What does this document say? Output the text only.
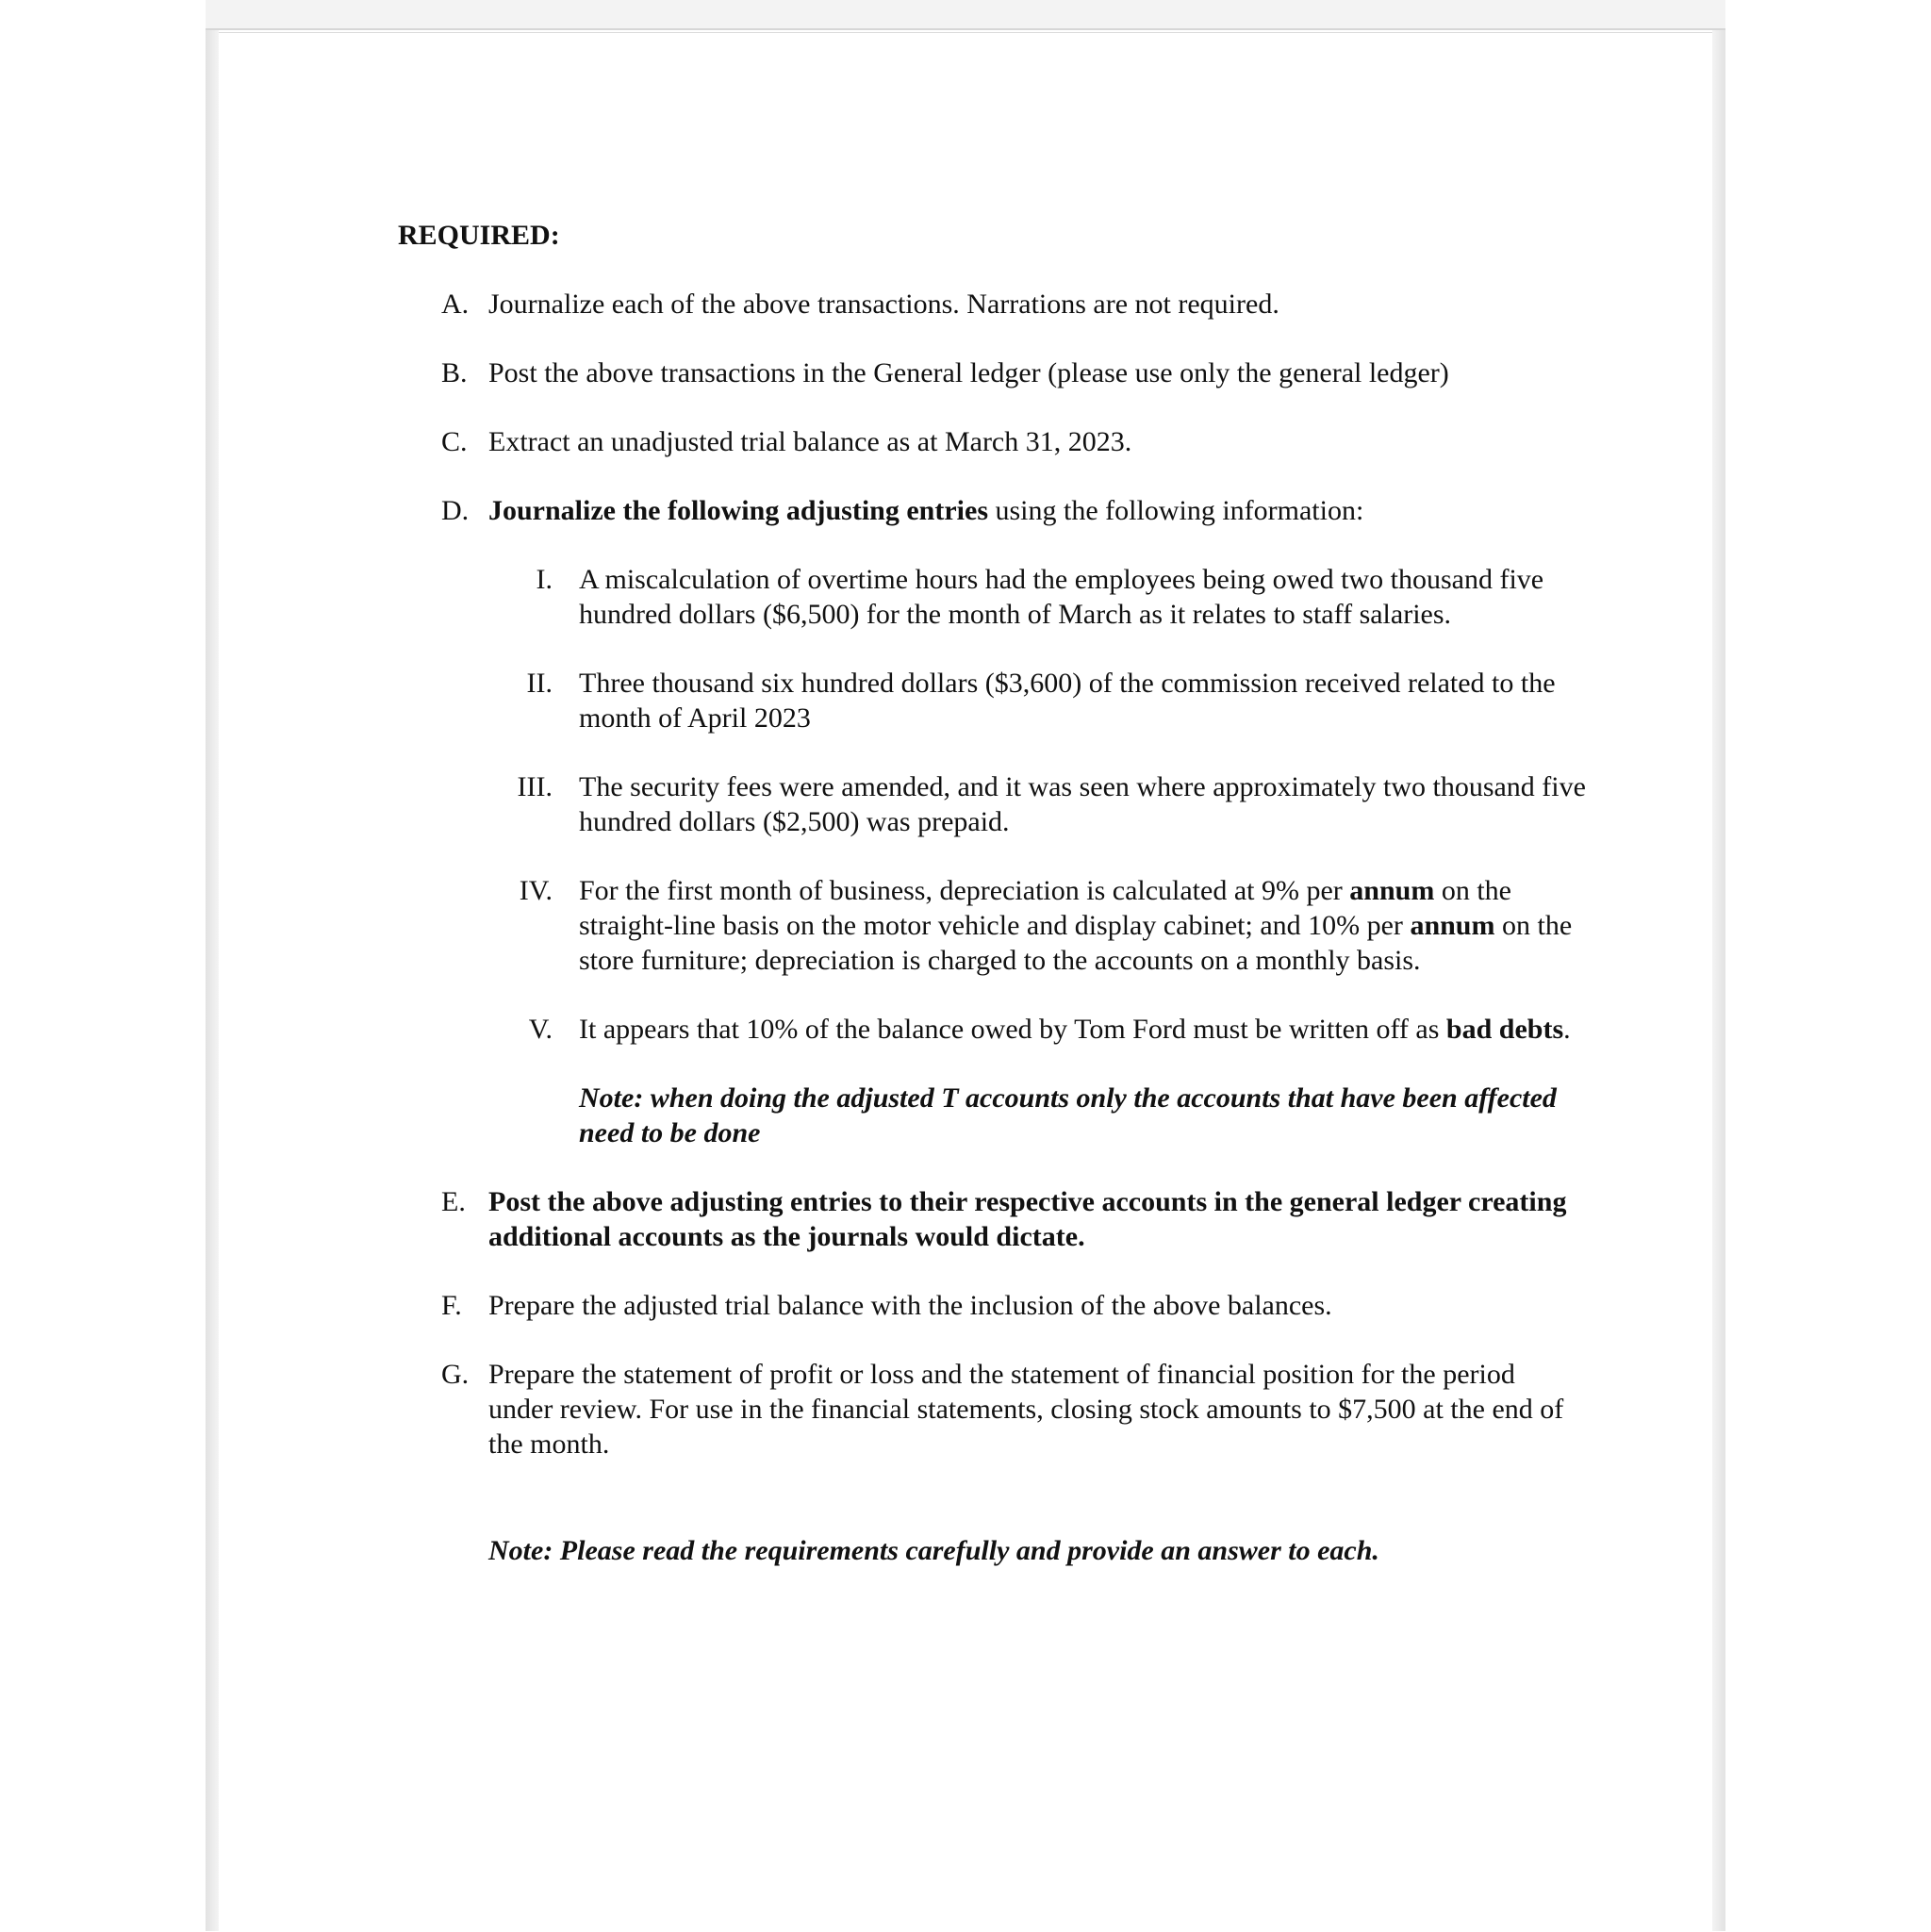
REQUIRED:
A. Journalize each of the above transactions. Narrations are not required.
B. Post the above transactions in the General ledger (please use only the general ledger)
C. Extract an unadjusted trial balance as at March 31, 2023.
D. Journalize the following adjusting entries using the following information:
I. A miscalculation of overtime hours had the employees being owed two thousand five hundred dollars ($6,500) for the month of March as it relates to staff salaries.
II. Three thousand six hundred dollars ($3,600) of the commission received related to the month of April 2023
III. The security fees were amended, and it was seen where approximately two thousand five hundred dollars ($2,500) was prepaid.
IV. For the first month of business, depreciation is calculated at 9% per annum on the straight-line basis on the motor vehicle and display cabinet; and 10% per annum on the store furniture; depreciation is charged to the accounts on a monthly basis.
V. It appears that 10% of the balance owed by Tom Ford must be written off as bad debts.
Note: when doing the adjusted T accounts only the accounts that have been affected need to be done
E. Post the above adjusting entries to their respective accounts in the general ledger creating additional accounts as the journals would dictate.
F. Prepare the adjusted trial balance with the inclusion of the above balances.
G. Prepare the statement of profit or loss and the statement of financial position for the period under review. For use in the financial statements, closing stock amounts to $7,500 at the end of the month.
Note: Please read the requirements carefully and provide an answer to each.
